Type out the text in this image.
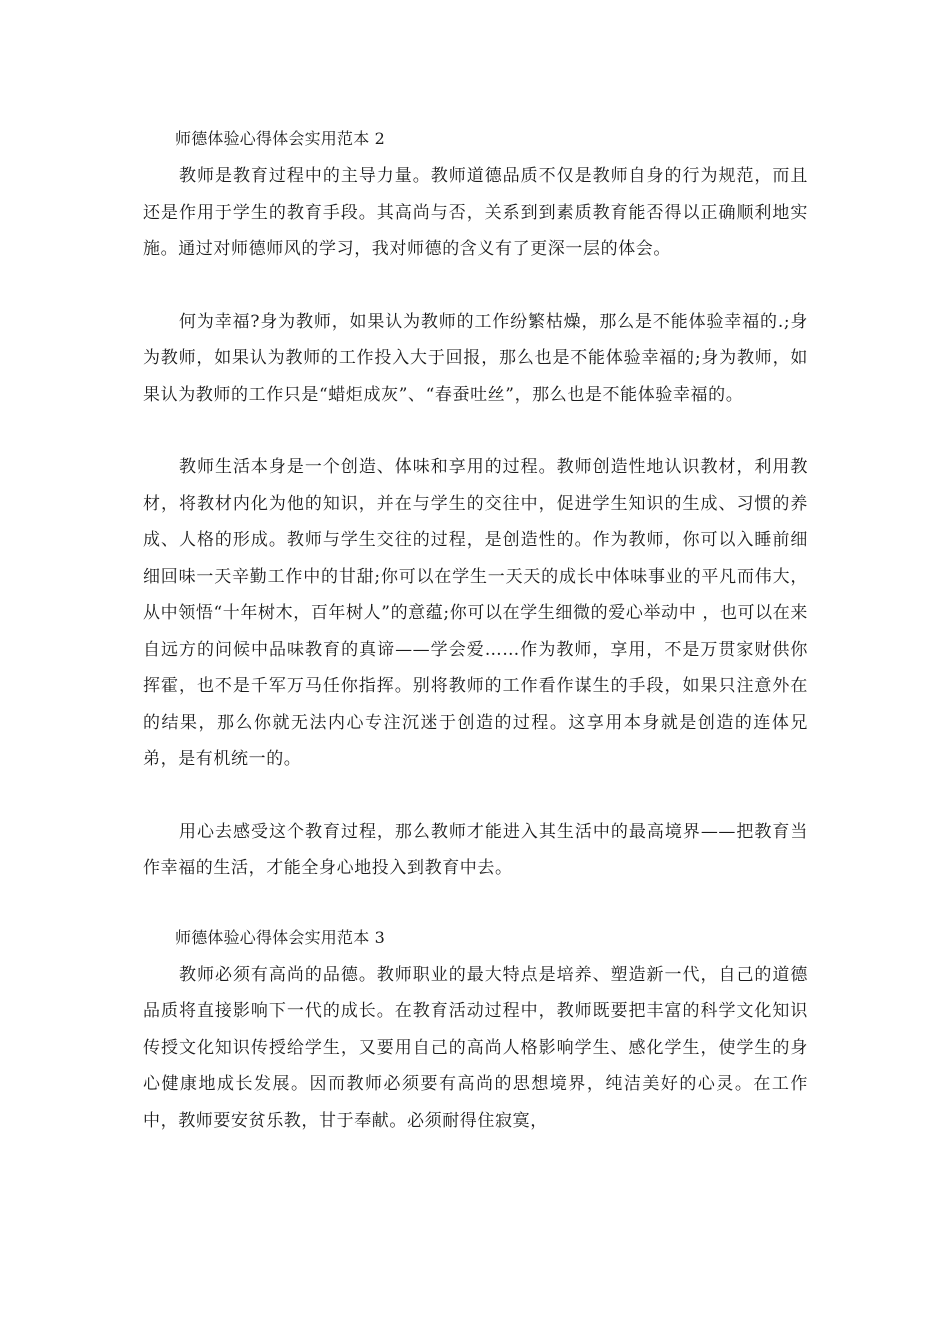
师德体验心得体会实用范本 2

教师是教育过程中的主导力量。教师道德品质不仅是教师自身的行为规范，而且还是作用于学生的教育手段。其高尚与否，关系到到素质教育能否得以正确顺利地实施。通过对师德师风的学习，我对师德的含义有了更深一层的体会。

何为幸福?身为教师，如果认为教师的工作纷繁枯燥，那么是不能体验幸福的.;身为教师，如果认为教师的工作投入大于回报，那么也是不能体验幸福的;身为教师，如果认为教师的工作只是“蜡炬成灰”、“春蚕吐丝”，那么也是不能体验幸福的。

教师生活本身是一个创造、体味和享用的过程。教师创造性地认识教材，利用教材，将教材内化为他的知识，并在与学生的交往中，促进学生知识的生成、习惯的养成、人格的形成。教师与学生交往的过程，是创造性的。作为教师，你可以入睡前细细回味一天辛勤工作中的甘甜;你可以在学生一天天的成长中体味事业的平凡而伟大，从中领悟“十年树木，百年树人”的意蕴;你可以在学生细微的爱心举动中 ，也可以在来自远方的问候中品味教育的真谛——学会爱……作为教师，享用，不是万贯家财供你挥霍，也不是千军万马任你指挥。别将教师的工作看作谋生的手段，如果只注意外在的结果，那么你就无法内心专注沉迷于创造的过程。这享用本身就是创造的连体兄弟，是有机统一的。

用心去感受这个教育过程，那么教师才能进入其生活中的最高境界——把教育当作幸福的生活，才能全身心地投入到教育中去。

师德体验心得体会实用范本 3

教师必须有高尚的品德。教师职业的最大特点是培养、塑造新一代，自己的道德品质将直接影响下一代的成长。在教育活动过程中，教师既要把丰富的科学文化知识传授文化知识传授给学生，又要用自己的高尚人格影响学生、感化学生，使学生的身心健康地成长发展。因而教师必须要有高尚的思想境界，纯洁美好的心灵。在工作中，教师要安贫乐教，甘于奉献。必须耐得住寂寞，
